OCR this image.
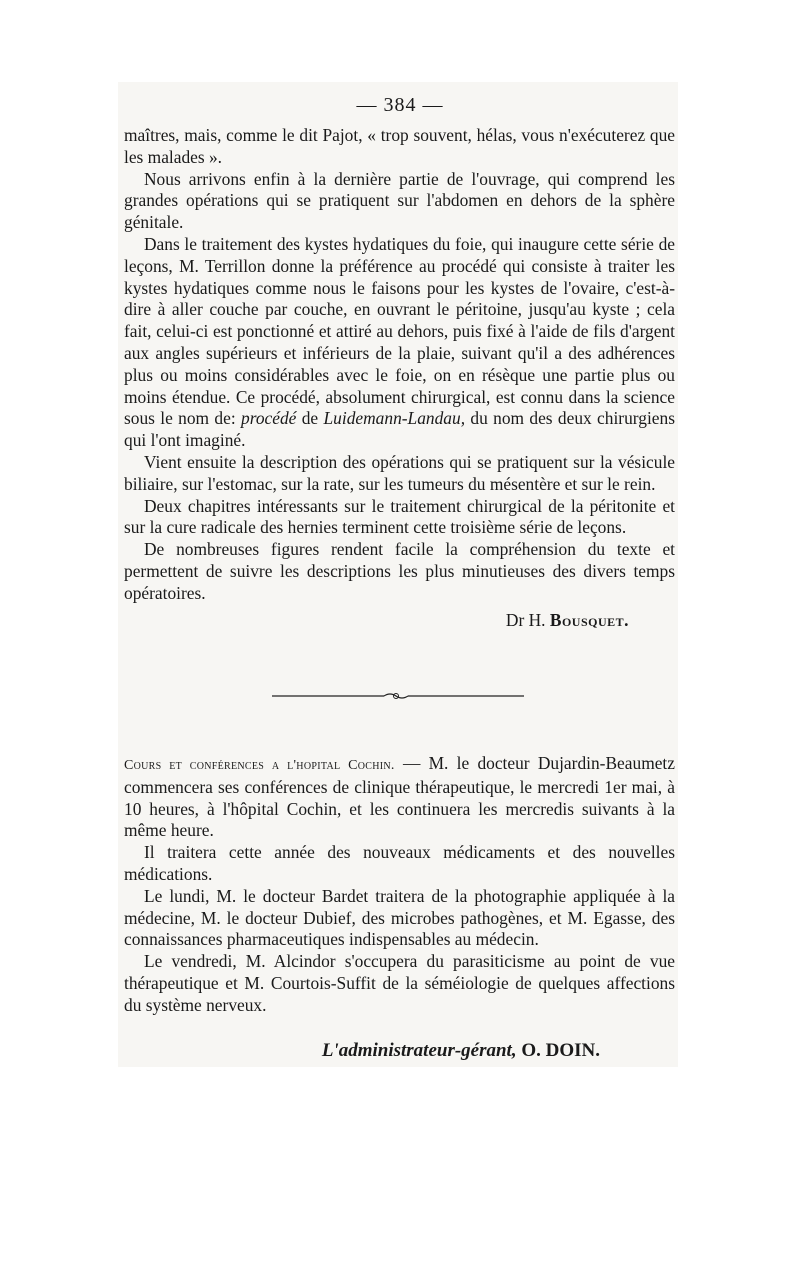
— 384 —

maîtres, mais, comme le dit Pajot, « trop souvent, hélas, vous n'exécuterez que les malades ».

Nous arrivons enfin à la dernière partie de l'ouvrage, qui comprend les grandes opérations qui se pratiquent sur l'abdomen en dehors de la sphère génitale.

Dans le traitement des kystes hydatiques du foie, qui inaugure cette série de leçons, M. Terrillon donne la préférence au procédé qui consiste à traiter les kystes hydatiques comme nous le faisons pour les kystes de l'ovaire, c'est-à-dire à aller couche par couche, en ouvrant le péritoine, jusqu'au kyste ; cela fait, celui-ci est ponctionné et attiré au dehors, puis fixé à l'aide de fils d'argent aux angles supérieurs et inférieurs de la plaie, suivant qu'il a des adhérences plus ou moins considérables avec le foie, on en résèque une partie plus ou moins étendue. Ce procédé, absolument chirurgical, est connu dans la science sous le nom de: procédé de Luidemann-Landau, du nom des deux chirurgiens qui l'ont imaginé.

Vient ensuite la description des opérations qui se pratiquent sur la vésicule biliaire, sur l'estomac, sur la rate, sur les tumeurs du mésentère et sur le rein.

Deux chapitres intéressants sur le traitement chirurgical de la péritonite et sur la cure radicale des hernies terminent cette troisième série de leçons.

De nombreuses figures rendent facile la compréhension du texte et permettent de suivre les descriptions les plus minutieuses des divers temps opératoires.

Dr H. Bousquet.

Cours et conférences a l'hopital Cochin. — M. le docteur Dujardin-Beaumetz commencera ses conférences de clinique thérapeutique, le mercredi 1er mai, à 10 heures, à l'hôpital Cochin, et les continuera les mercredis suivants à la même heure.

Il traitera cette année des nouveaux médicaments et des nouvelles médications.

Le lundi, M. le docteur Bardet traitera de la photographie appliquée à la médecine, M. le docteur Dubief, des microbes pathogènes, et M. Egasse, des connaissances pharmaceutiques indispensables au médecin.

Le vendredi, M. Alcindor s'occupera du parasiticisme au point de vue thérapeutique et M. Courtois-Suffit de la séméiologie de quelques affections du système nerveux.

L'administrateur-gérant, O. DOIN.
